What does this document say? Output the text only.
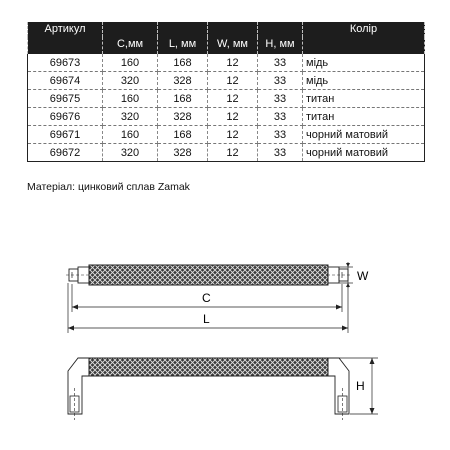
Артикул					Колір
	С,мм	L, мм	W, мм	H, мм	
69673	160	168	12	33	мідь
69674	320	328	12	33	мідь
69675	160	168	12	33	титан
69676	320	328	12	33	титан
69671	160	168	12	33	чорний матовий
69672	320	328	12	33	чорний матовий
Матеріал: цинковий сплав Zamak
W
C
L
H
